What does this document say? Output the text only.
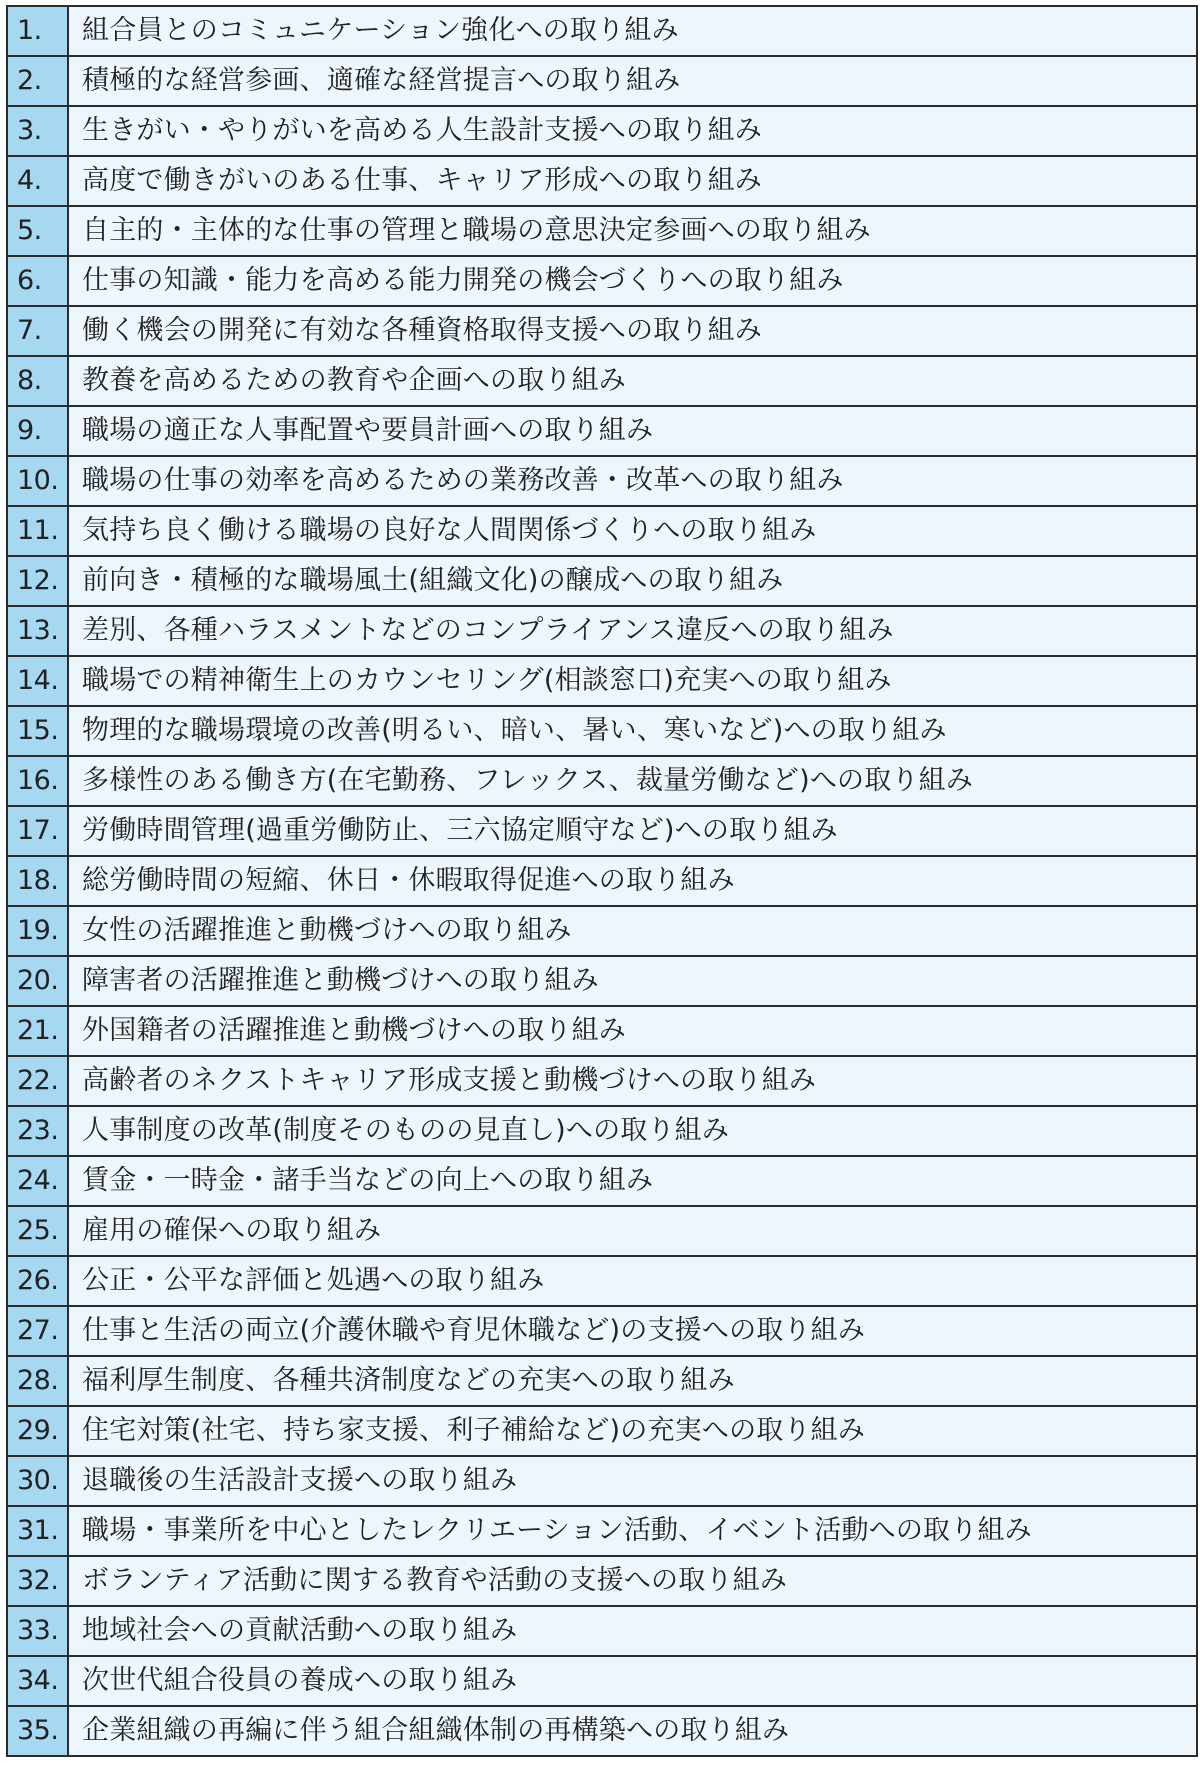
1.	組合員とのコミュニケーション強化への取り組み
2.	積極的な経営参画、適確な経営提言への取り組み
3.	生きがい・やりがいを高める人生設計支援への取り組み
4.	高度で働きがいのある仕事、キャリア形成への取り組み
5.	自主的・主体的な仕事の管理と職場の意思決定参画への取り組み
6.	仕事の知識・能力を高める能力開発の機会づくりへの取り組み
7.	働く機会の開発に有効な各種資格取得支援への取り組み
8.	教養を高めるための教育や企画への取り組み
9.	職場の適正な人事配置や要員計画への取り組み
10.	職場の仕事の効率を高めるための業務改善・改革への取り組み
11.	気持ち良く働ける職場の良好な人間関係づくりへの取り組み
12.	前向き・積極的な職場風土(組織文化)の醸成への取り組み
13.	差別、各種ハラスメントなどのコンプライアンス違反への取り組み
14.	職場での精神衛生上のカウンセリング(相談窓口)充実への取り組み
15.	物理的な職場環境の改善(明るい、暗い、暑い、寒いなど)への取り組み
16.	多様性のある働き方(在宅勤務、フレックス、裁量労働など)への取り組み
17.	労働時間管理(過重労働防止、三六協定順守など)への取り組み
18.	総労働時間の短縮、休日・休暇取得促進への取り組み
19.	女性の活躍推進と動機づけへの取り組み
20.	障害者の活躍推進と動機づけへの取り組み
21.	外国籍者の活躍推進と動機づけへの取り組み
22.	高齢者のネクストキャリア形成支援と動機づけへの取り組み
23.	人事制度の改革(制度そのものの見直し)への取り組み
24.	賃金・一時金・諸手当などの向上への取り組み
25.	雇用の確保への取り組み
26.	公正・公平な評価と処遇への取り組み
27.	仕事と生活の両立(介護休職や育児休職など)の支援への取り組み
28.	福利厚生制度、各種共済制度などの充実への取り組み
29.	住宅対策(社宅、持ち家支援、利子補給など)の充実への取り組み
30.	退職後の生活設計支援への取り組み
31.	職場・事業所を中心としたレクリエーション活動、イベント活動への取り組み
32.	ボランティア活動に関する教育や活動の支援への取り組み
33.	地域社会への貢献活動への取り組み
34.	次世代組合役員の養成への取り組み
35.	企業組織の再編に伴う組合組織体制の再構築への取り組み
